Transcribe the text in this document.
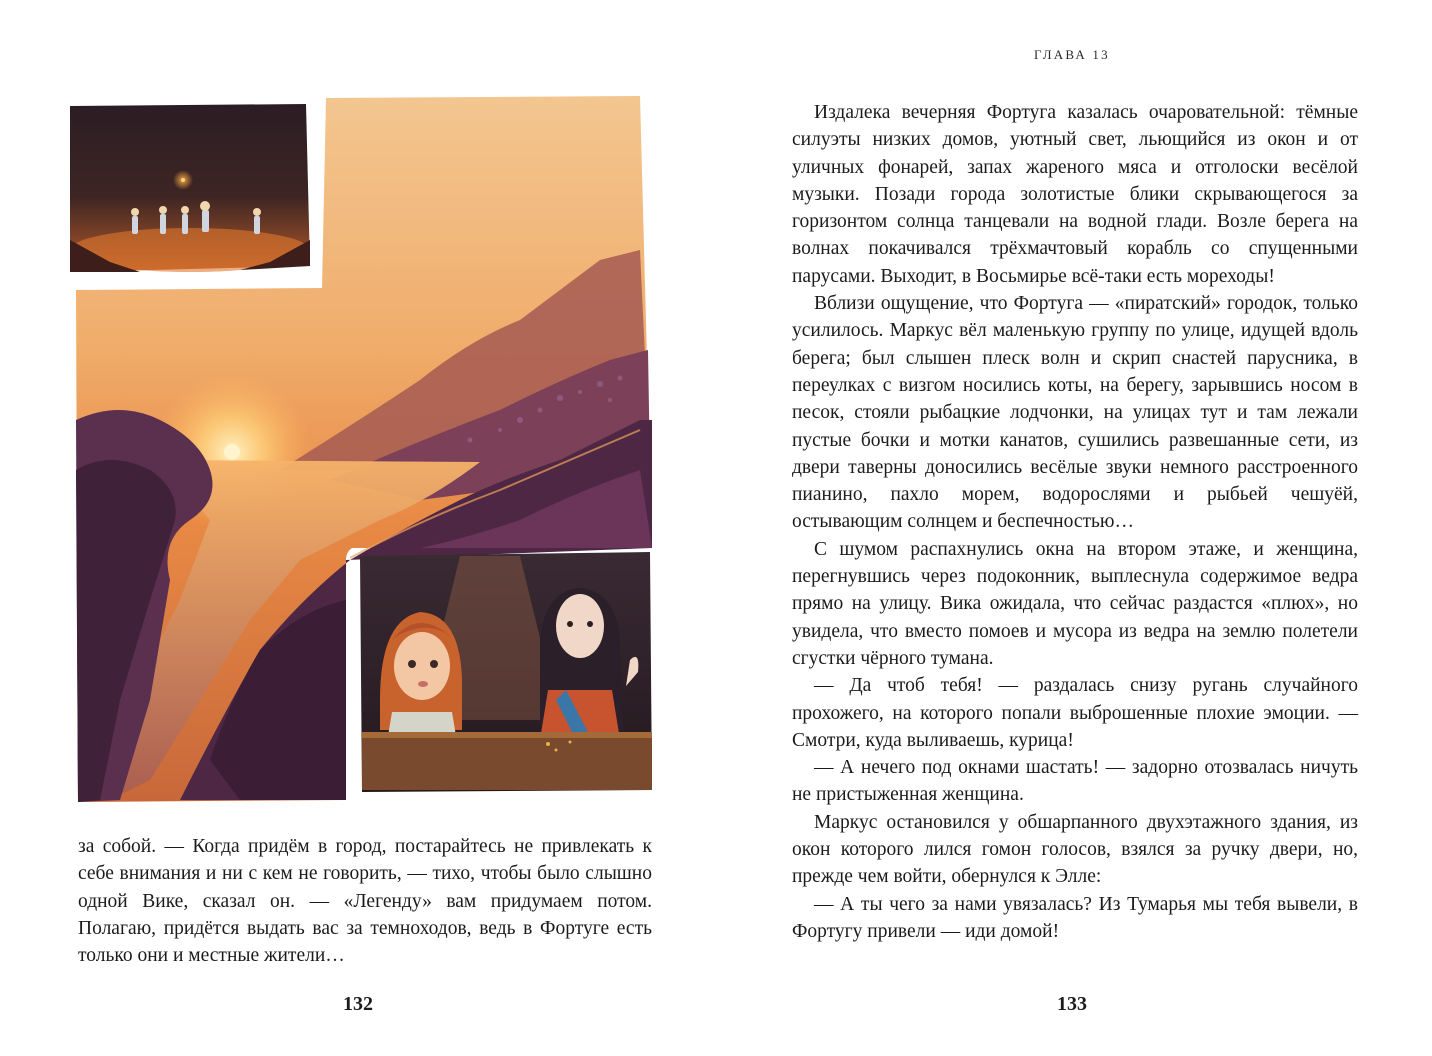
за собой. — Когда придём в город, постарайтесь не привлекать к себе внимания и ни с кем не говорить, — тихо, чтобы было слышно одной Вике, сказал он. — «Легенду» вам придумаем потом. Полагаю, придётся выдать вас за темноходов, ведь в Фортуге есть только они и местные жители…

132
ГЛАВА 13

Издалека вечерняя Фортуга казалась очаровательной: тёмные силуэты низких домов, уютный свет, льющийся из окон и от уличных фонарей, запах жареного мяса и отголоски весёлой музыки. Позади города золотистые блики скрывающегося за горизонтом солнца танцевали на водной глади. Возле берега на волнах покачивался трёхмачтовый корабль со спущенными парусами. Выходит, в Восьмирье всё-таки есть мореходы!

Вблизи ощущение, что Фортуга — «пиратский» городок, только усилилось. Маркус вёл маленькую группу по улице, идущей вдоль берега; был слышен плеск волн и скрип снастей парусника, в переулках с визгом носились коты, на берегу, зарывшись носом в песок, стояли рыбацкие лодчонки, на улицах тут и там лежали пустые бочки и мотки канатов, сушились развешанные сети, из двери таверны доносились весёлые звуки немного расстроенного пианино, пахло морем, водорослями и рыбьей чешуёй, остывающим солнцем и беспечностью…

С шумом распахнулись окна на втором этаже, и женщина, перегнувшись через подоконник, выплеснула содержимое ведра прямо на улицу. Вика ожидала, что сейчас раздастся «плюх», но увидела, что вместо помоев и мусора из ведра на землю полетели сгустки чёрного тумана.

— Да чтоб тебя! — раздалась снизу ругань случайного прохожего, на которого попали выброшенные плохие эмоции. — Смотри, куда выливаешь, курица!

— А нечего под окнами шастать! — задорно отозвалась ничуть не пристыженная женщина.

Маркус остановился у обшарпанного двухэтажного здания, из окон которого лился гомон голосов, взялся за ручку двери, но, прежде чем войти, обернулся к Элле:

— А ты чего за нами увязалась? Из Тумарья мы тебя вывели, в Фортугу привели — иди домой!

133
